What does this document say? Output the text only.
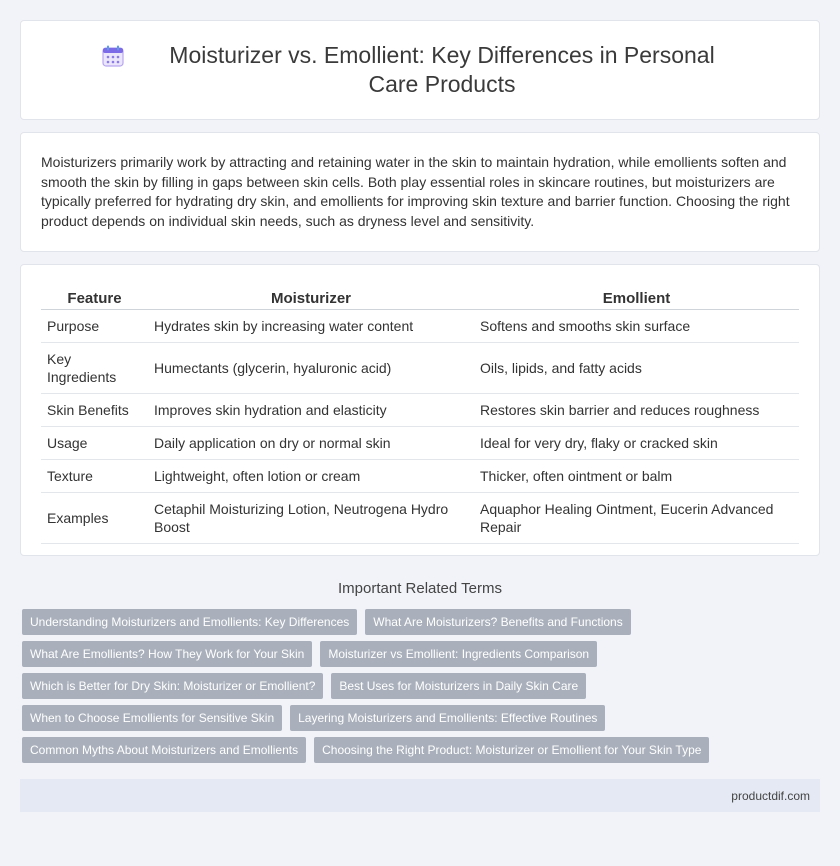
Moisturizer vs. Emollient: Key Differences in Personal Care Products

Moisturizers primarily work by attracting and retaining water in the skin to maintain hydration, while emollients soften and smooth the skin by filling in gaps between skin cells. Both play essential roles in skincare routines, but moisturizers are typically preferred for hydrating dry skin, and emollients for improving skin texture and barrier function. Choosing the right product depends on individual skin needs, such as dryness level and sensitivity.

Feature	Moisturizer	Emollient
Purpose	Hydrates skin by increasing water content	Softens and smooths skin surface
Key Ingredients	Humectants (glycerin, hyaluronic acid)	Oils, lipids, and fatty acids
Skin Benefits	Improves skin hydration and elasticity	Restores skin barrier and reduces roughness
Usage	Daily application on dry or normal skin	Ideal for very dry, flaky or cracked skin
Texture	Lightweight, often lotion or cream	Thicker, often ointment or balm
Examples	Cetaphil Moisturizing Lotion, Neutrogena Hydro Boost	Aquaphor Healing Ointment, Eucerin Advanced Repair
Important Related Terms
Understanding Moisturizers and Emollients: Key Differences	What Are Moisturizers? Benefits and Functions
What Are Emollients? How They Work for Your Skin	Moisturizer vs Emollient: Ingredients Comparison
Which is Better for Dry Skin: Moisturizer or Emollient?	Best Uses for Moisturizers in Daily Skin Care
When to Choose Emollients for Sensitive Skin	Layering Moisturizers and Emollients: Effective Routines
Common Myths About Moisturizers and Emollients	Choosing the Right Product: Moisturizer or Emollient for Your Skin Type
productdif.com
